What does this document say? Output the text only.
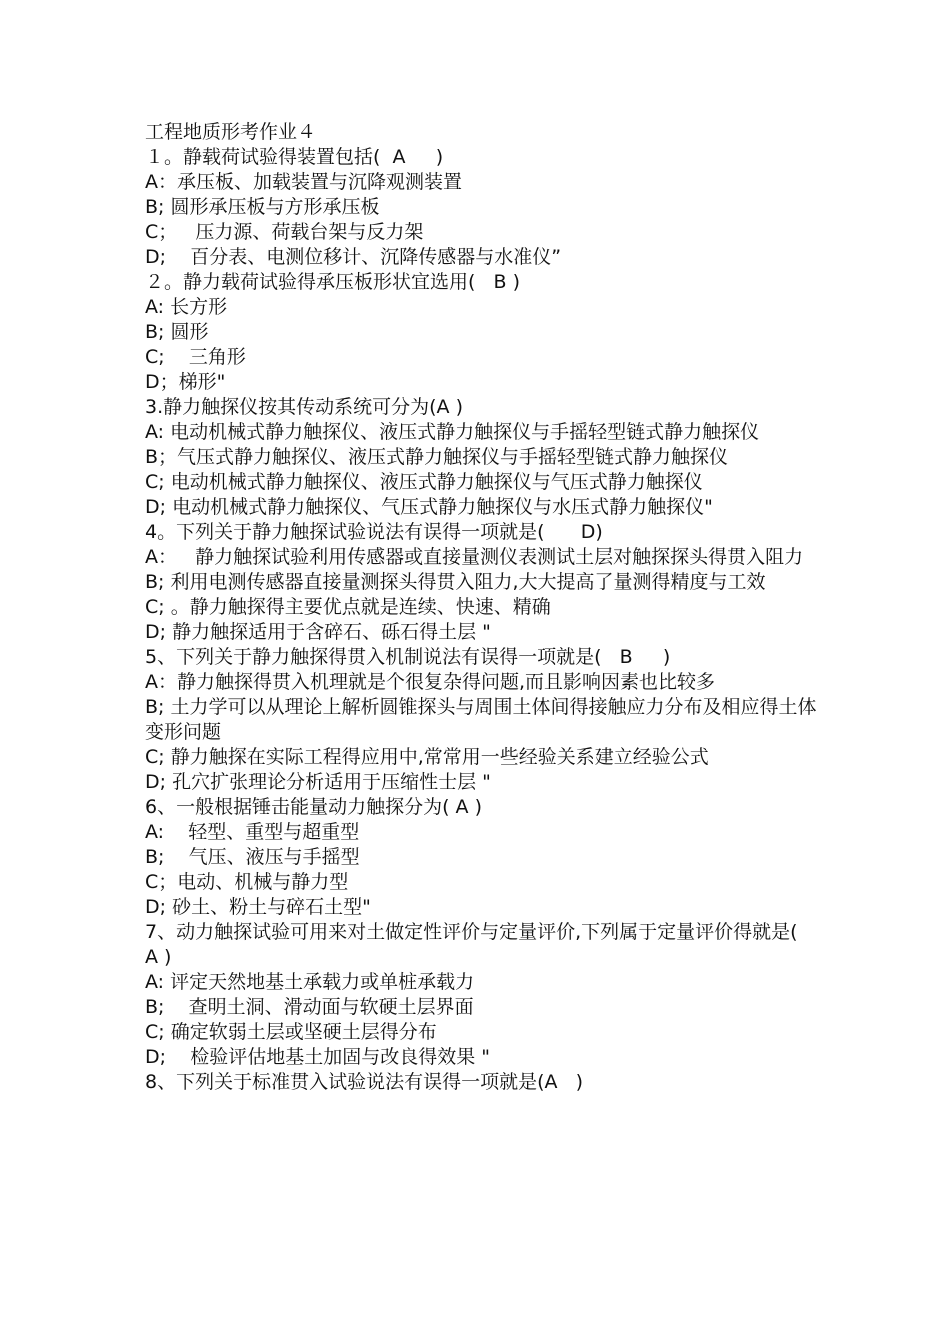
工程地质形考作业４
１。静载荷试验得装置包括(  A     )
A：承压板、加载装置与沉降观测装置
B; 圆形承压板与方形承压板
C；   压力源、荷载台架与反力架
D;    百分表、电测位移计、沉降传感器与水准仪”
２。静力载荷试验得承压板形状宜选用(   B )
A: 长方形
B; 圆形
C;    三角形
D；梯形"
3.静力触探仪按其传动系统可分为(A )
A: 电动机械式静力触探仪、液压式静力触探仪与手摇轻型链式静力触探仪
B；气压式静力触探仪、液压式静力触探仪与手摇轻型链式静力触探仪
C; 电动机械式静力触探仪、液压式静力触探仪与气压式静力触探仪
D; 电动机械式静力触探仪、气压式静力触探仪与水压式静力触探仪"
4。下列关于静力触探试验说法有误得一项就是(      D)
A：   静力触探试验利用传感器或直接量测仪表测试土层对触探探头得贯入阻力
B; 利用电测传感器直接量测探头得贯入阻力,大大提高了量测得精度与工效
C; 。静力触探得主要优点就是连续、快速、精确
D; 静力触探适用于含碎石、砾石得土层 "
5、下列关于静力触探得贯入机制说法有误得一项就是(   B     )
A：静力触探得贯入机理就是个很复杂得问题,而且影响因素也比较多
B; 土力学可以从理论上解析圆锥探头与周围土体间得接触应力分布及相应得土体变形问题
C; 静力触探在实际工程得应用中,常常用一些经验关系建立经验公式
D; 孔穴扩张理论分析适用于压缩性士层 "
6、一般根据锤击能量动力触探分为( A )
A:    轻型、重型与超重型
B;    气压、液压与手摇型
C；电动、机械与静力型
D; 砂土、粉土与碎石土型"
7、动力触探试验可用来对土做定性评价与定量评价,下列属于定量评价得就是(      A )
A: 评定天然地基土承载力或单桩承载力
B;    查明土洞、滑动面与软硬土层界面
C; 确定软弱土层或坚硬土层得分布
D;    检验评估地基土加固与改良得效果 "
8、下列关于标准贯入试验说法有误得一项就是(A   )
